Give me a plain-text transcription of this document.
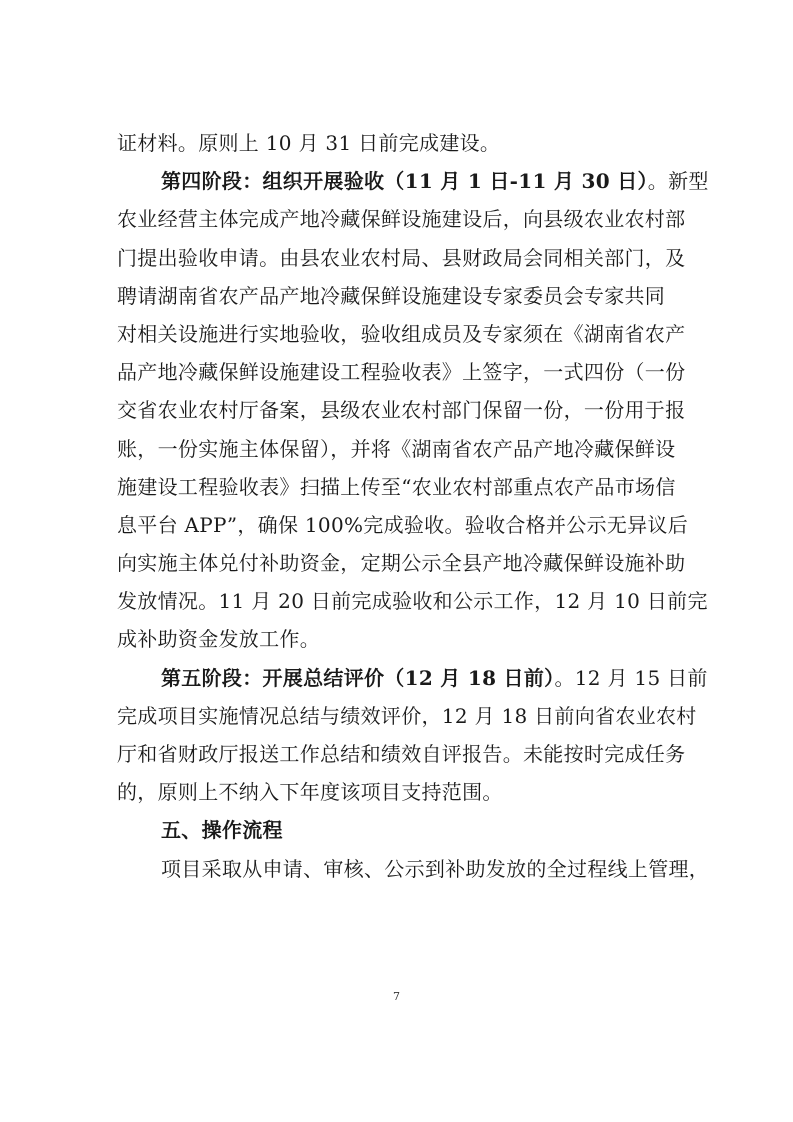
证材料。原则上 10 月 31 日前完成建设。
第四阶段：组织开展验收（11 月 1 日-11 月 30 日）。新型
农业经营主体完成产地冷藏保鲜设施建设后，向县级农业农村部
门提出验收申请。由县农业农村局、县财政局会同相关部门，及
聘请湖南省农产品产地冷藏保鲜设施建设专家委员会专家共同
对相关设施进行实地验收，验收组成员及专家须在《湖南省农产
品产地冷藏保鲜设施建设工程验收表》上签字，一式四份（一份
交省农业农村厅备案，县级农业农村部门保留一份，一份用于报
账，一份实施主体保留），并将《湖南省农产品产地冷藏保鲜设
施建设工程验收表》扫描上传至“农业农村部重点农产品市场信
息平台 APP”，确保 100%完成验收。验收合格并公示无异议后
向实施主体兑付补助资金，定期公示全县产地冷藏保鲜设施补助
发放情况。11 月 20 日前完成验收和公示工作，12 月 10 日前完
成补助资金发放工作。
第五阶段：开展总结评价（12 月 18 日前）。12 月 15 日前
完成项目实施情况总结与绩效评价，12 月 18 日前向省农业农村
厅和省财政厅报送工作总结和绩效自评报告。未能按时完成任务
的，原则上不纳入下年度该项目支持范围。
五、操作流程
项目采取从申请、审核、公示到补助发放的全过程线上管理，
7
